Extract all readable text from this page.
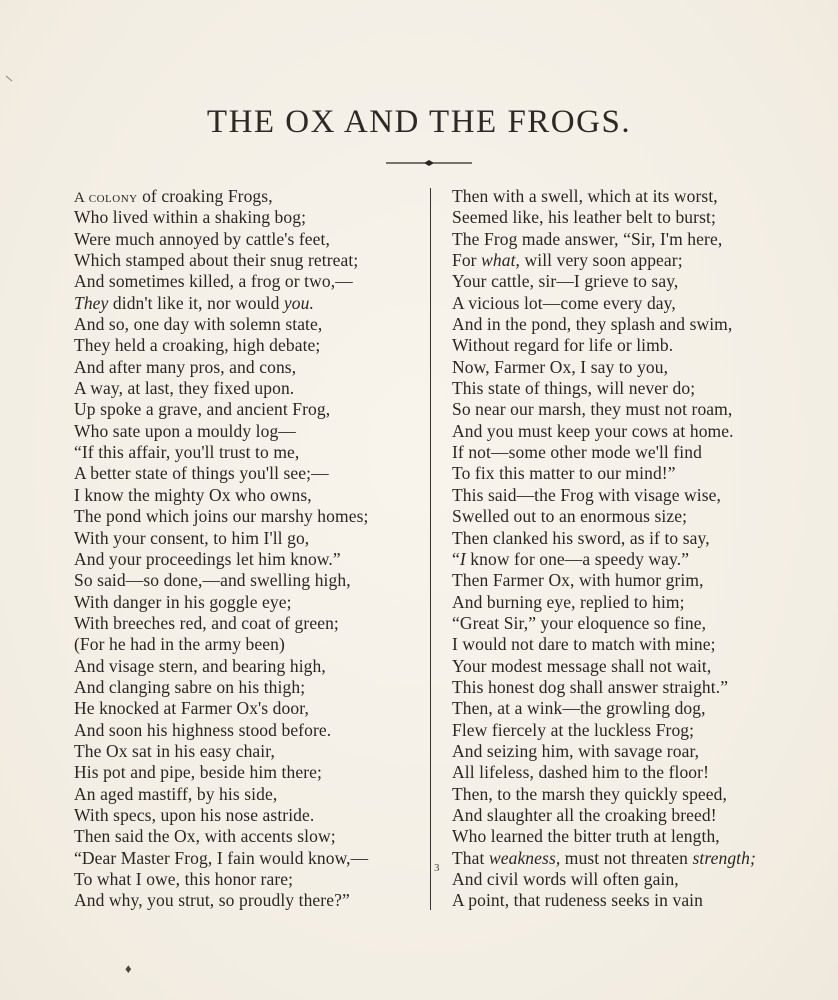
THE OX AND THE FROGS.
A colony of croaking Frogs,
Who lived within a shaking bog;
Were much annoyed by cattle's feet,
Which stamped about their snug retreat;
And sometimes killed, a frog or two,—
They didn't like it, nor would you.
And so, one day with solemn state,
They held a croaking, high debate;
And after many pros, and cons,
A way, at last, they fixed upon.
Up spoke a grave, and ancient Frog,
Who sate upon a mouldy log—
“If this affair, you'll trust to me,
A better state of things you'll see;—
I know the mighty Ox who owns,
The pond which joins our marshy homes;
With your consent, to him I'll go,
And your proceedings let him know.”
So said—so done,—and swelling high,
With danger in his goggle eye;
With breeches red, and coat of green;
(For he had in the army been)
And visage stern, and bearing high,
And clanging sabre on his thigh;
He knocked at Farmer Ox's door,
And soon his highness stood before.
The Ox sat in his easy chair,
His pot and pipe, beside him there;
An aged mastiff, by his side,
With specs, upon his nose astride.
Then said the Ox, with accents slow;
“Dear Master Frog, I fain would know,—
To what I owe, this honor rare;
And why, you strut, so proudly there?”
Then with a swell, which at its worst,
Seemed like, his leather belt to burst;
The Frog made answer, “Sir, I'm here,
For what, will very soon appear;
Your cattle, sir—I grieve to say,
A vicious lot—come every day,
And in the pond, they splash and swim,
Without regard for life or limb.
Now, Farmer Ox, I say to you,
This state of things, will never do;
So near our marsh, they must not roam,
And you must keep your cows at home.
If not—some other mode we'll find
To fix this matter to our mind!”
This said—the Frog with visage wise,
Swelled out to an enormous size;
Then clanked his sword, as if to say,
“I know for one—a speedy way.”
Then Farmer Ox, with humor grim,
And burning eye, replied to him;
“Great Sir,” your eloquence so fine,
I would not dare to match with mine;
Your modest message shall not wait,
This honest dog shall answer straight.”
Then, at a wink—the growling dog,
Flew fiercely at the luckless Frog;
And seizing him, with savage roar,
All lifeless, dashed him to the floor!
Then, to the marsh they quickly speed,
And slaughter all the croaking breed!
Who learned the bitter truth at length,
That weakness, must not threaten strength;
And civil words will often gain,
A point, that rudeness seeks in vain
3
♦
